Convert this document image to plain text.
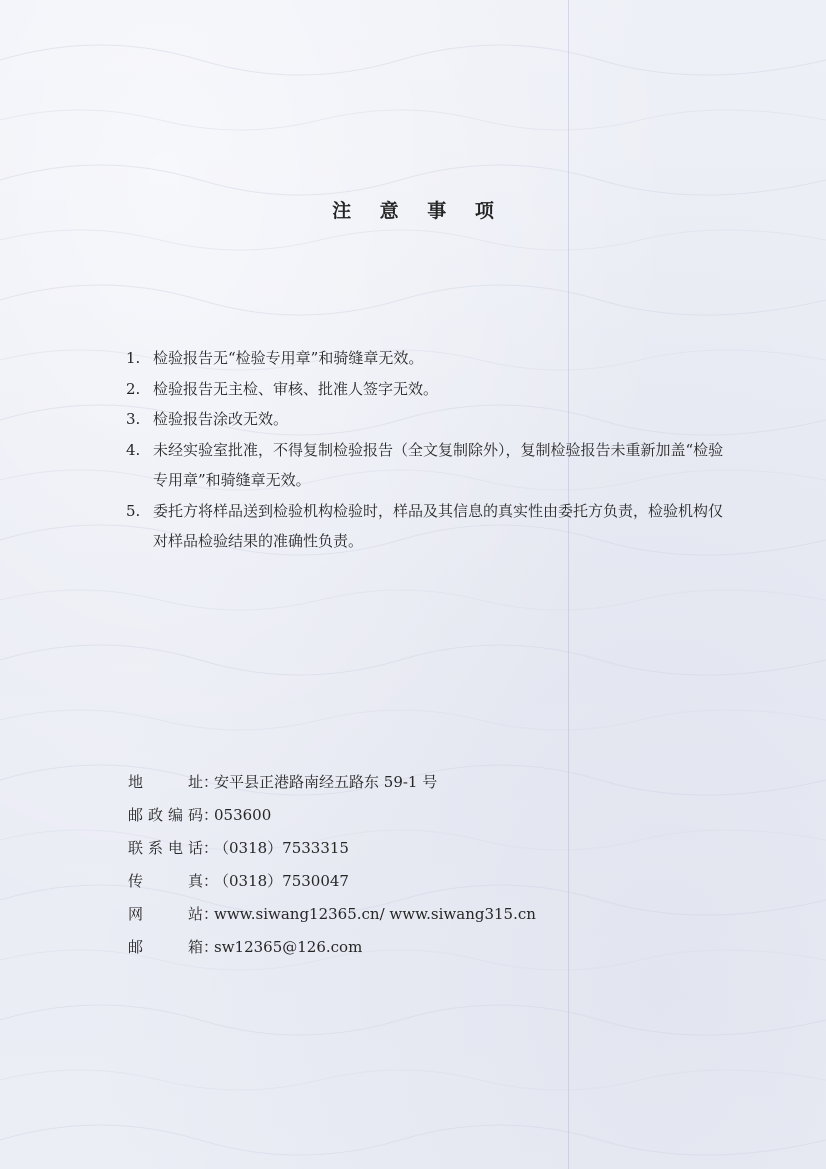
注 意 事 项
1. 检验报告无“检验专用章”和骑缝章无效。
2. 检验报告无主检、审核、批准人签字无效。
3. 检验报告涂改无效。
4. 未经实验室批准，不得复制检验报告（全文复制除外），复制检验报告未重新加盖“检验专用章”和骑缝章无效。
5. 委托方将样品送到检验机构检验时，样品及其信息的真实性由委托方负责，检验机构仅对样品检验结果的准确性负责。
地址 ：
安平县正港路南经五路东 59-1 号
邮政编码 ：
053600
联系电话 ：
（0318）7533315
传真 ：
（0318）7530047
网站 ：
www.siwang12365.cn/ www.siwang315.cn
邮箱 ：
sw12365@126.com
